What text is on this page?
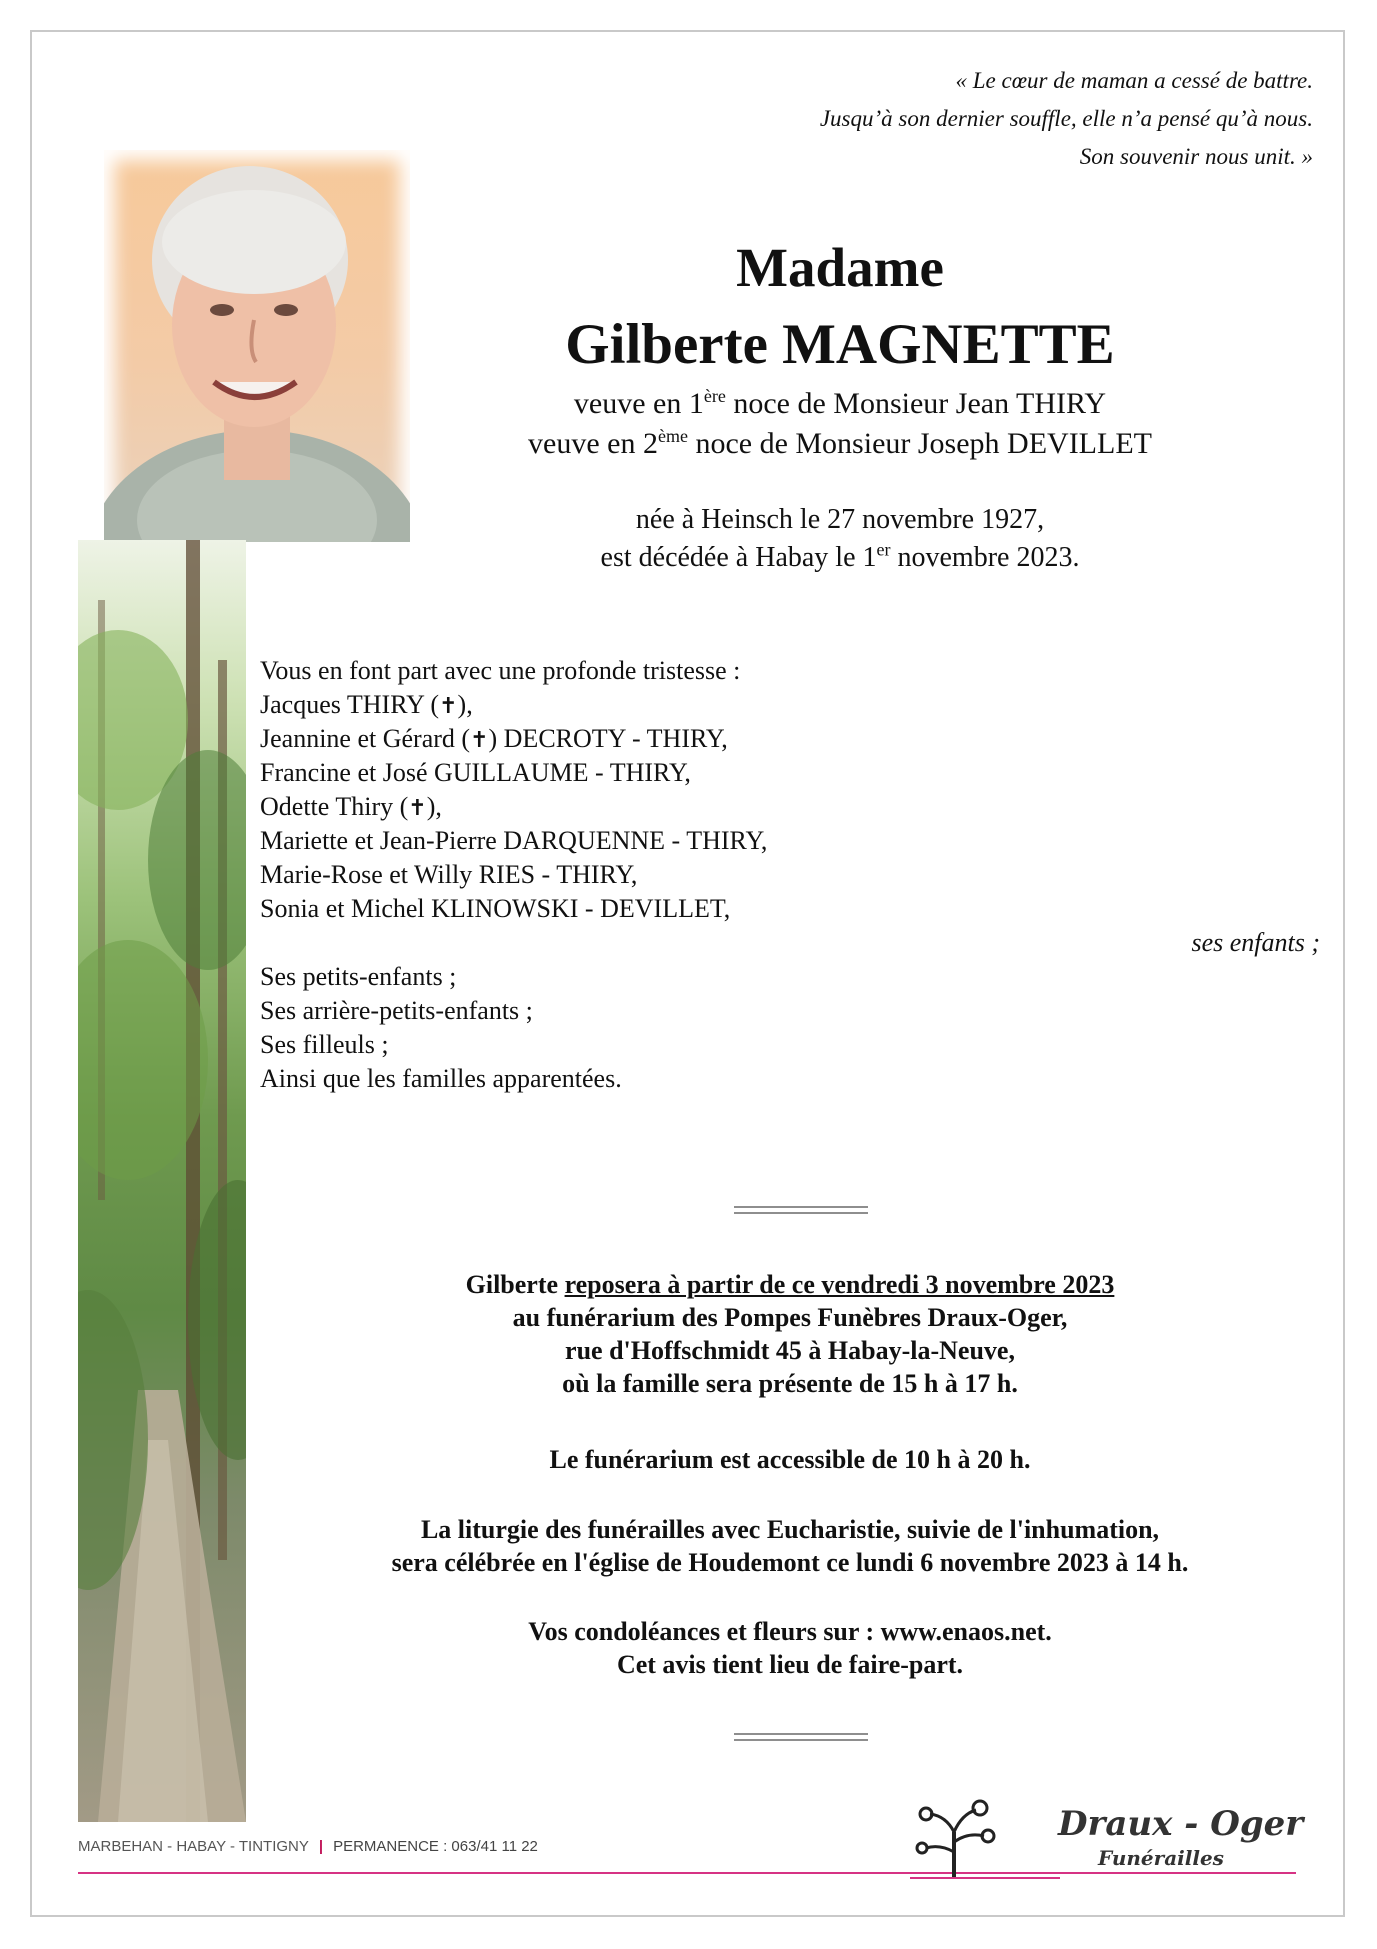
« Le cœur de maman a cessé de battre.
Jusqu’à son dernier souffle, elle n’a pensé qu’à nous.
Son souvenir nous unit. »
Madame
Gilberte MAGNETTE
veuve en 1ère noce de Monsieur Jean THIRY
veuve en 2ème noce de Monsieur Joseph DEVILLET
née à Heinsch le 27 novembre 1927,
est décédée à Habay le 1er novembre 2023.
Vous en font part avec une profonde tristesse :
Jacques THIRY (✝),
Jeannine et Gérard (✝) DECROTY - THIRY,
Francine et José GUILLAUME - THIRY,
Odette Thiry (✝),
Mariette et Jean-Pierre DARQUENNE - THIRY,
Marie-Rose et Willy RIES - THIRY,
Sonia et Michel KLINOWSKI - DEVILLET,
ses enfants ;
Ses petits-enfants ;
Ses arrière-petits-enfants ;
Ses filleuls ;
Ainsi que les familles apparentées.
Gilberte reposera à partir de ce vendredi 3 novembre 2023
au funérarium des Pompes Funèbres Draux-Oger,
rue d'Hoffschmidt 45 à Habay-la-Neuve,
où la famille sera présente de 15 h à 17 h.
Le funérarium est accessible de 10 h à 20 h.
La liturgie des funérailles avec Eucharistie, suivie de l'inhumation,
sera célébrée en l'église de Houdemont ce lundi 6 novembre 2023 à 14 h.
Vos condoléances et fleurs sur : www.enaos.net.
Cet avis tient lieu de faire-part.
MARBEHAN - HABAY - TINTIGNY | PERMANENCE : 063/41 11 22
Draux - Oger
Funérailles
